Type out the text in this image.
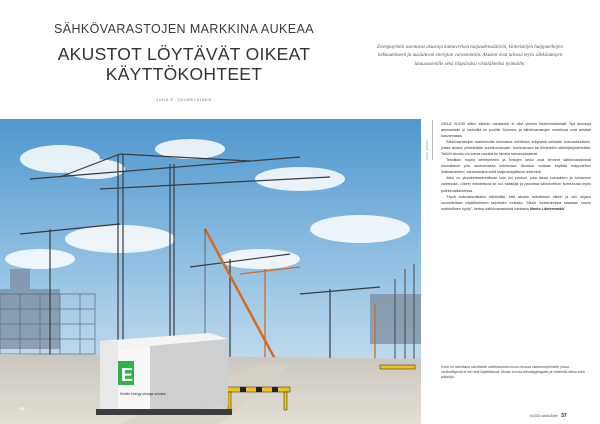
SÄHKÖVARASTOJEN MARKKINA AUKEAA
AKUSTOT LÖYTÄVÄT OIKEAT
KÄYTTÖKOHTEET
JUHA E. SALMELAINEN
Energiayhtiöt asentavat akustoja kantaverkon taajuudensäätöön, kiinteistöjen huipputehojen leikkaamiseen ja uusiutuvan energian varastointiin. Akustot ovat tulossa myös sähköautojen latausasemille sekä tilapäisiksi virtalähteiksi työmaille.
E
Mobile energy storage solution
KUVA: ENSTO

VIELÄ VUOSI sitten sähkön varastointi ei ollut yleinen liiketoimintamalli. Nyt akustoja asennetaan jo vauhdilla eri puolille Suomea, ja sähkövarastojen markkinat ovat selvästi kasvamassa.

Sähkövarastojen markkinoilla kiinnostus kohdistuu erityisesti sellaisiin kokonaisuuksiin, joissa akusto yhdistetään aurinkovoimaan, tuulivoimaan tai kiinteistön sähköjärjestelmään. Tällöin akusto voi toimia usealla eri tavalla samanaikaisesti.

Tekniikan nopea kehittyminen ja hintojen lasku ovat tehneet sähkövarastoista kannattavia yhä useammassa kohteessa. Akustoa voidaan käyttää huipputehon leikkaamiseen, varavoimana sekä taajuusohjattuna reservinä.

Akku on yksinkertaisimmillaan kuin iso puskuri, joka tasaa kulutuksen ja tuotannon vaihteluita. Oikein mitoitettuna se tuo säästöjä ja parantaa sähköverkon toimivuutta myös poikkeustilanteissa.

"Hyvä kokonaisratkaisu edellyttää, että akusto mitoitetaan oikein ja sen ohjaus suunnitellaan käyttökohteen tarpeiden mukaan. Silloin investoinnista saadaan suurin mahdollinen hyöty", kertoo sähkövarastoista vastaava Marko Lähteenmäki.

Ensto on toimittanut siirrettävän sähkövaraston muun muassa rakennustyömaille, joissa verkkoliittymää ei ole vielä käytettävissä. Akusto korvaa dieselaggregaatin ja vähentää melua sekä päästöjä.
36
6/2020 sähkö&tele 37
